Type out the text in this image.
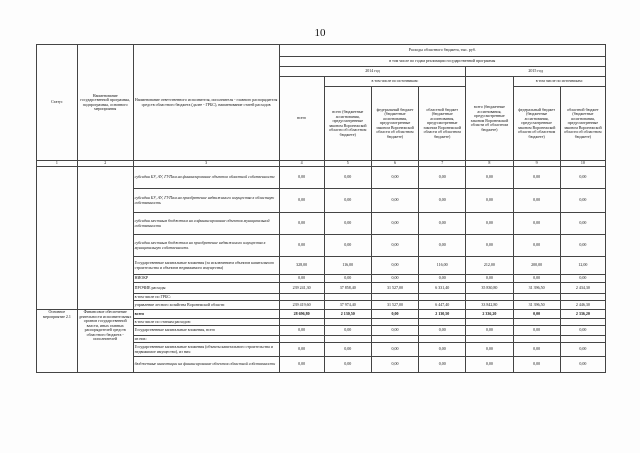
10
Статус	Наименование государственной программы, подпрограммы, основного мероприятия	Наименование ответственного исполнителя, исполнителя - главного распорядителя средств областного бюджета (далее - ГРБС), наименование статей расходов	Расходы областного бюджета, тыс. руб.						
			в том числе по годам реализации государственной программы						
			2014 год				2015 год		
			всего	в том числе по источникам:			всего (бюджетные ассигнования, предусмотренные законом Воронежской области об областном бюджете)	в том числе по источникам:	
				всего (бюджетные ассигнования, предусмотренные законом Воронежской области об областном бюджете)	федеральный бюджет (бюджетные ассигнования, предусмотренные законом Воронежской области об областном бюджете)	областной бюджет (бюджетные ассигнования, предусмотренные законом Воронежской области об областном бюджете)		федеральный бюджет (бюджетные ассигнования, предусмотренные законом Воронежской области об областном бюджете)	областной бюджет (бюджетные ассигнования, предусмотренные законом Воронежской области об областном бюджете)
1	2	3	4	5	6	7	8	9	10
		субсидии БУ, АУ, ГУПам на финансирование объектов областной собственности	0,00	0,00	0,00	0,00	0,00	0,00	0,00
		субсидии БУ, АУ, ГУПам на приобретение недвижимого имущества в областную собственность	0,00	0,00	0,00	0,00	0,00	0,00	0,00
		субсидии местным бюджетам на софинансирование объектов муниципальной собственности	0,00	0,00	0,00	0,00	0,00	0,00	0,00
		субсидии местным бюджетам на приобретение недвижимого имущества в муниципальную собственность	0,00	0,00	0,00	0,00	0,00	0,00	0,00
		Государственные капитальные вложения (за исключением объектов капитального строительства и объектов недвижимого имущества)	328,00	116,00	0,00	116,00	212,00	200,00	12,00
		НИОКР	0,00	0,00	0,00	0,00	0,00	0,00	0,00
		ПРОЧИЕ расходы	239 241,30	37 858,40	31 527,00	6 331,40	35 830,80	31 396,50	2 434,30
		в том числе по ГРБС:							
		управление лесного хозяйства Воронежской области	239 419,60	37 974,40	31 527,00	6 447,40	33 842,80	31 396,50	2 446,30
Основное мероприятие 2.1	Финансовое обеспечение деятельности исполнительных органов государственной власти, иных главных распорядителей средств областного бюджета - исполнителей	всего	28 696,80	2 130,50	0,00	2 130,50	2 336,20	0,00	2 336,20
		в том числе по статьям расходов:							
		Государственные капитальные вложения, всего	0,00	0,00	0,00	0,00	0,00	0,00	0,00
		из них:							
		Государственные капитальные вложения (объекты капитального строительства и недвижимое имущество), из них:	0,00	0,00	0,00	0,00	0,00	0,00	0,00
		бюджетные инвестиции на финансирование объектов областной собственности	0,00	0,00	0,00	0,00	0,00	0,00	0,00
